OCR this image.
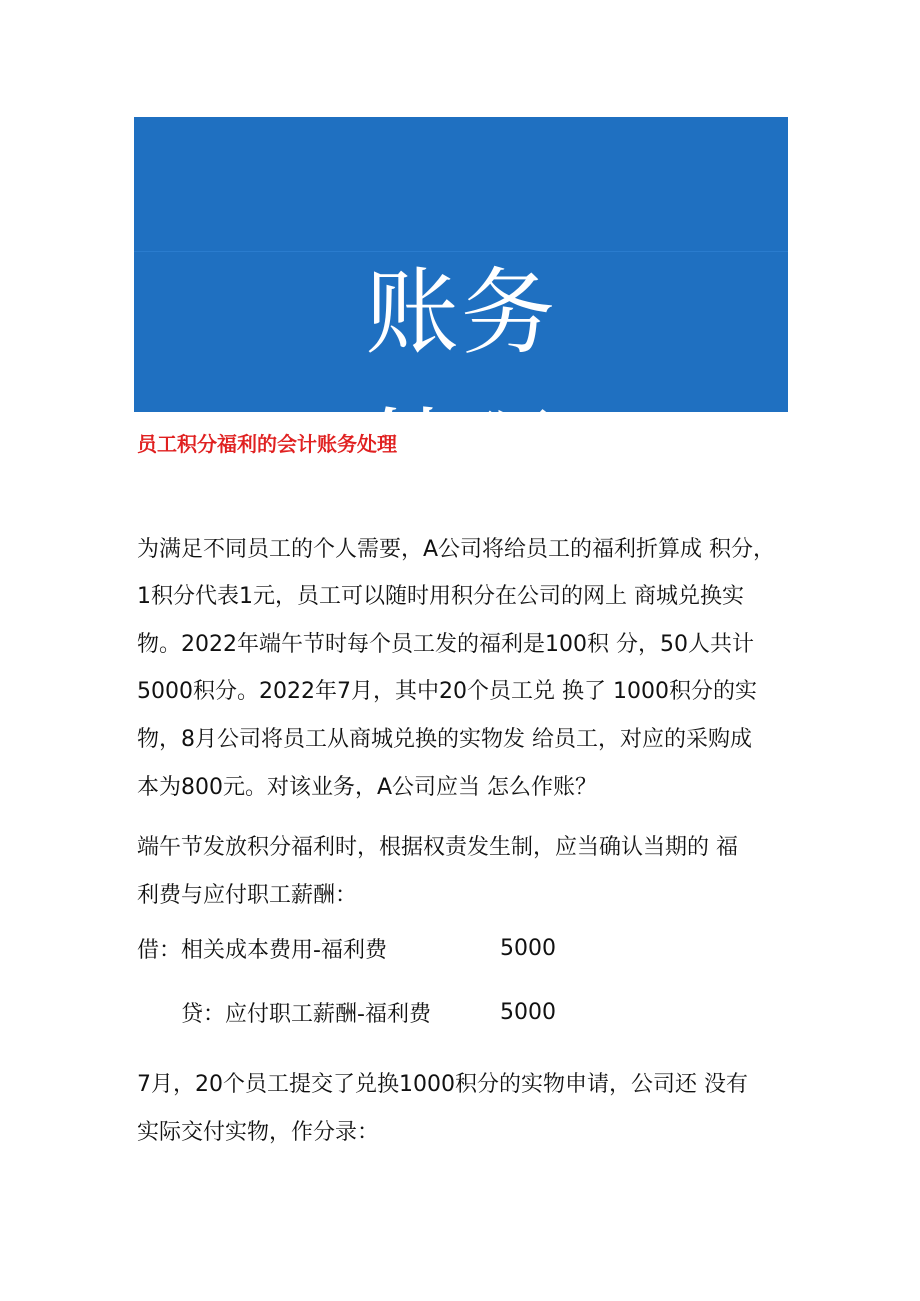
账务
处理
员工积分福利的会计账务处理
为满足不同员工的个人需要，A公司将给员工的福利折算成 积分，
1积分代表1元，员工可以随时用积分在公司的网上 商城兑换实
物。2022年端午节时每个员工发的福利是100积 分，50人共计
5000积分。2022年7月，其中20个员工兑 换了 1000积分的实
物，8月公司将员工从商城兑换的实物发 给员工，对应的采购成
本为800元。对该业务，A公司应当 怎么作账？
端午节发放积分福利时，根据权责发生制，应当确认当期的 福
利费与应付职工薪酬：
借：相关成本费用-福利费	5000
贷：应付职工薪酬-福利费	5000
7月，20个员工提交了兑换1000积分的实物申请，公司还 没有
实际交付实物，作分录：
